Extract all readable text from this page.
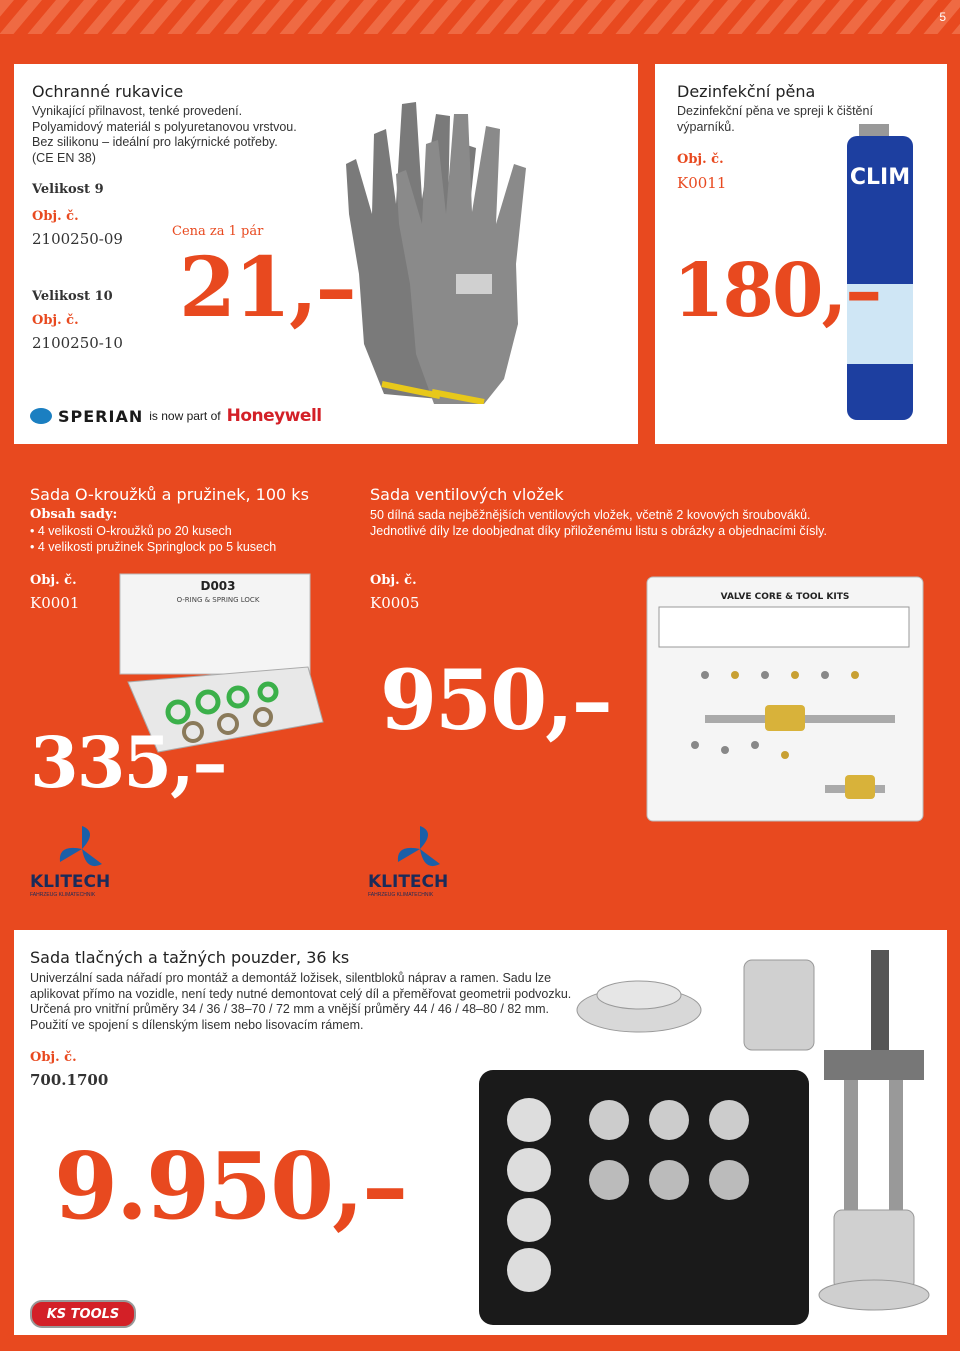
5
Ochranné rukavice
Vynikající přilnavost, tenké provedení.
Polyamidový materiál s polyuretanovou vrstvou.
Bez silikonu – ideální pro lakýrnické potřeby.
(CE EN 38)
Velikost 9
Obj. č.
2100250-09
Velikost 10
Obj. č.
2100250-10
Cena za 1 pár
21,–
SPERIAN is now part of Honeywell
Dezinfekční pěna
Dezinfekční pěna ve spreji k čištění výparníků.
Obj. č.
K0011	CLIM
180,–
Sada O-kroužků a pružinek, 100 ks
Obsah sady:
• 4 velikosti O-kroužků po 20 kusech
• 4 velikosti pružinek Springlock po 5 kusech
Obj. č.
K0001
D003
O-RING & SPRING LOCK
335,–
KLITECH
FAHRZEUG KLIMATECHNIK
Sada ventilových vložek
50 dílná sada nejběžnějších ventilových vložek, včetně 2 kovových šroubováků.
Jednotlivé díly lze doobjednat díky přiloženému listu s obrázky a objednacími čísly.
Obj. č.
K0005	VALVE CORE & TOOL KITS
950,–
KLITECH
FAHRZEUG KLIMATECHNIK
Sada tlačných a tažných pouzder, 36 ks
Univerzální sada nářadí pro montáž a demontáž ložisek, silentbloků náprav a ramen. Sadu lze
aplikovat přímo na vozidle, není tedy nutné demontovat celý díl a přeměřovat geometrii podvozku.
Určená pro vnitřní průměry 34 / 36 / 38–70 / 72 mm a vnější průměry 44 / 46 / 48–80 / 82 mm.
Použití ve spojení s dílenským lisem nebo lisovacím rámem.
Obj. č.
700.1700
9.950,–
KS TOOLS
